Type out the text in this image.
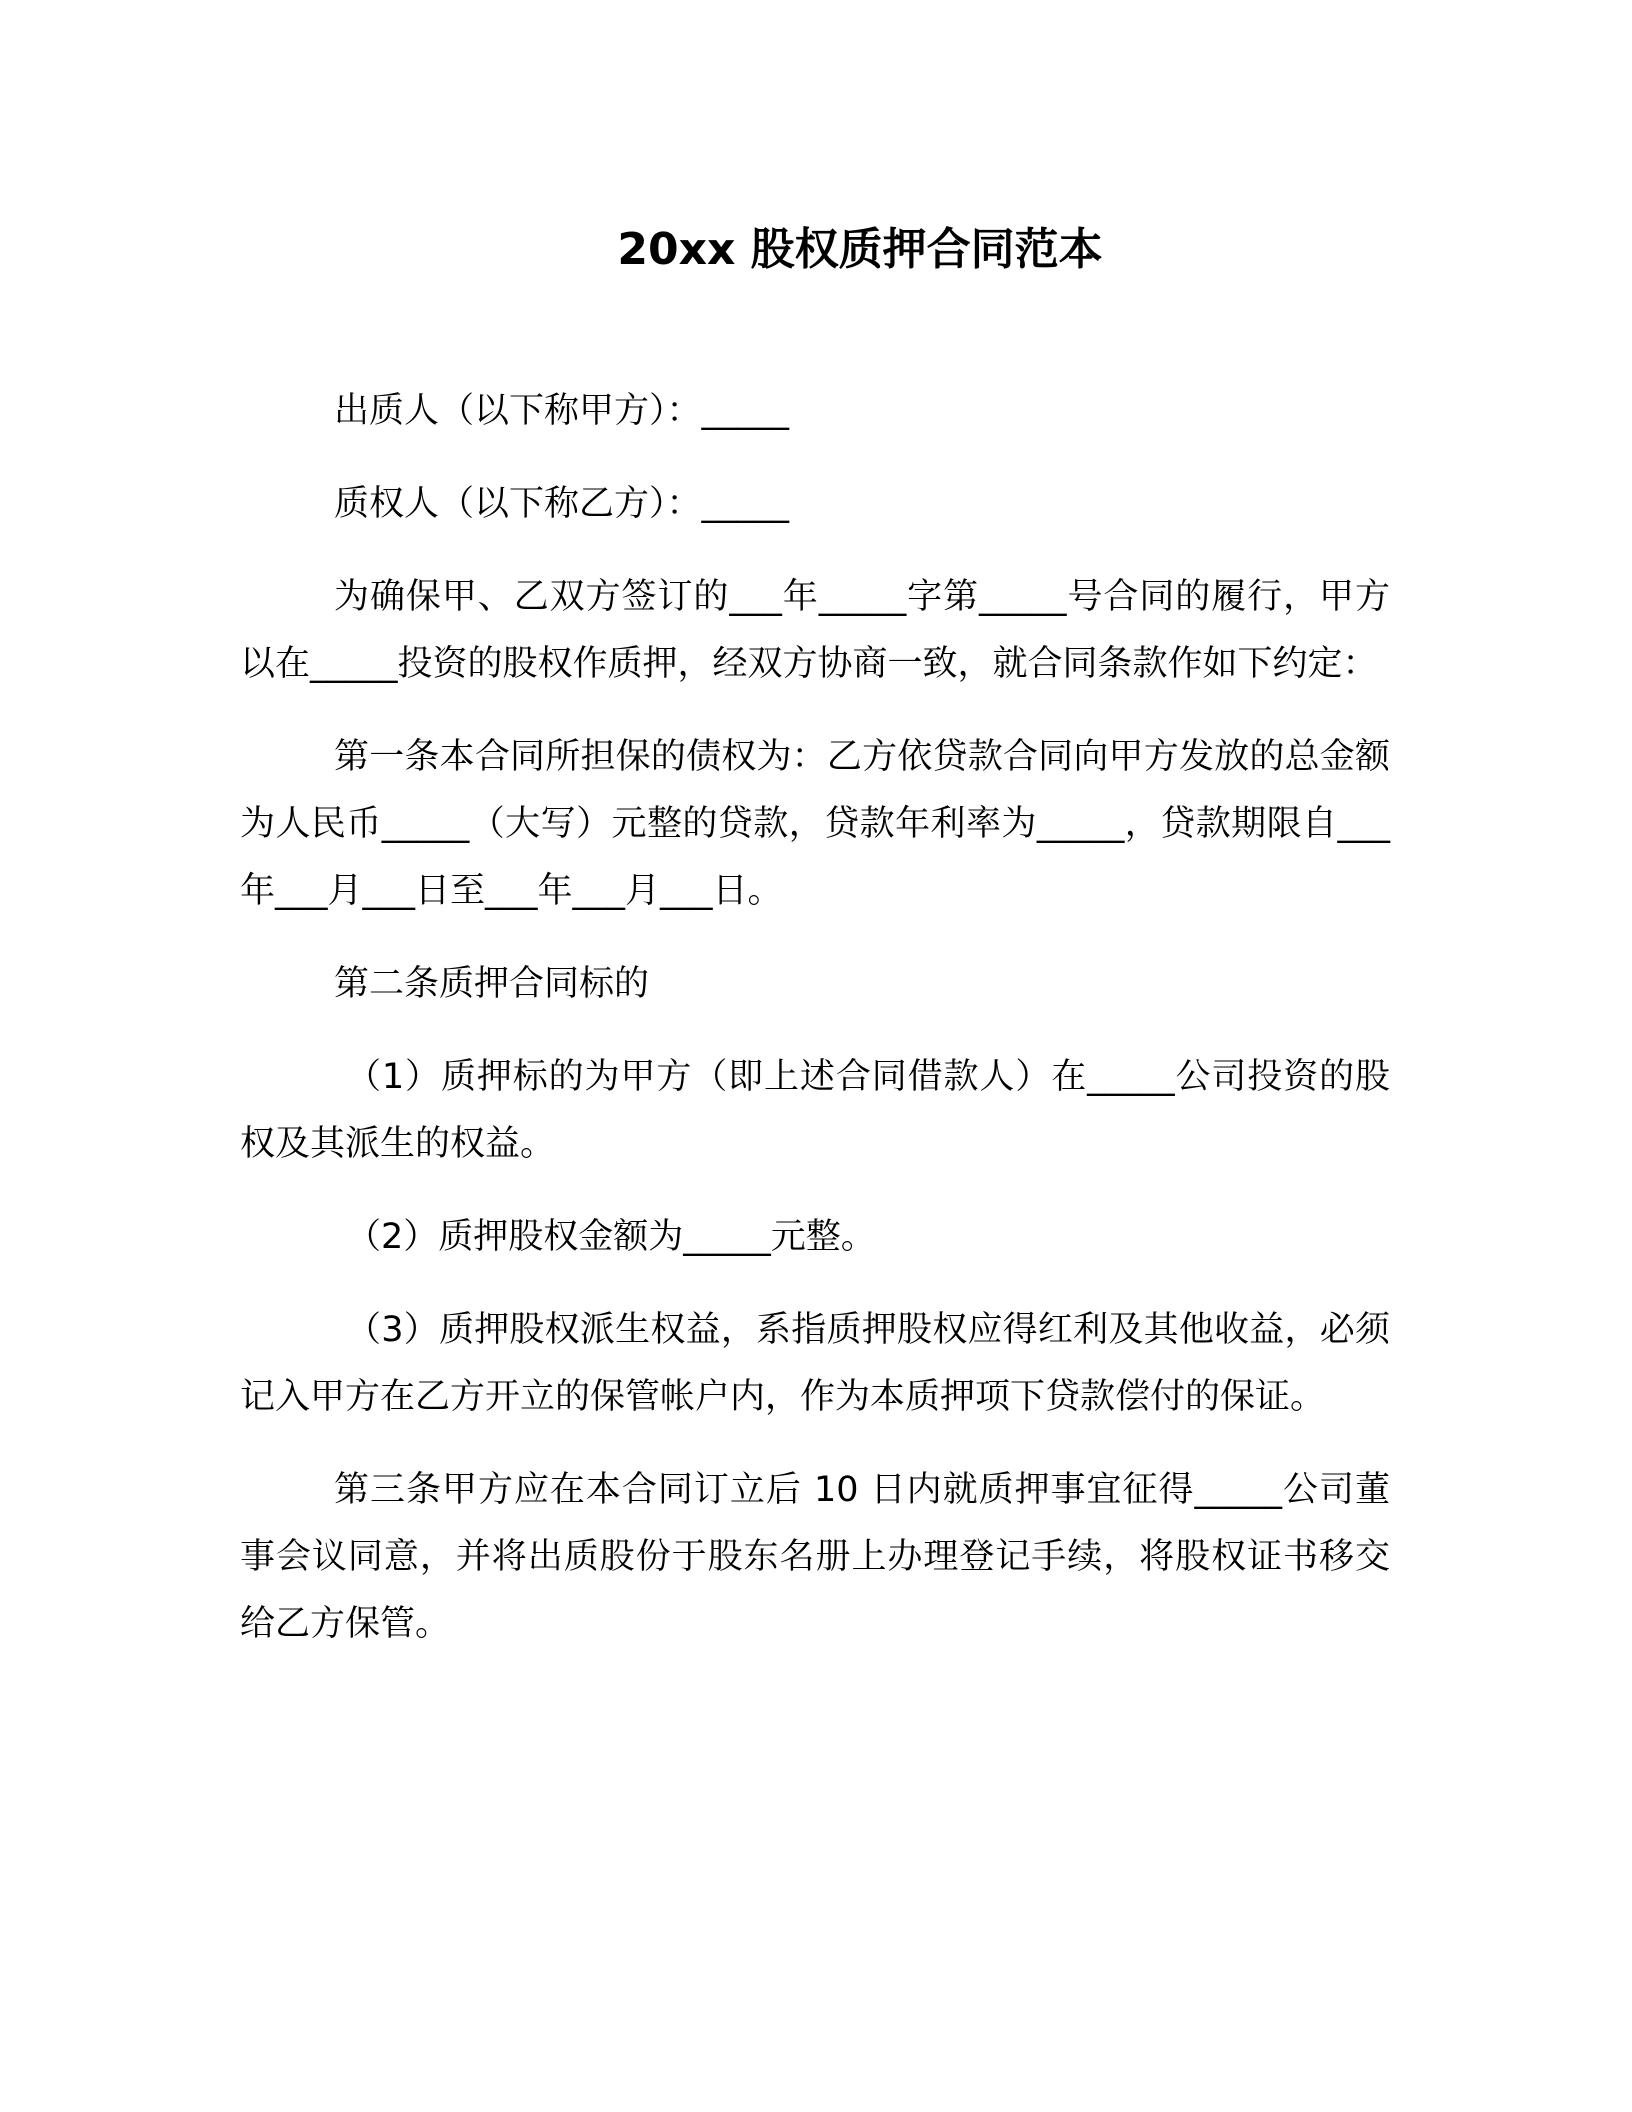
20xx 股权质押合同范本

出质人（以下称甲方）：_____

质权人（以下称乙方）：_____

为确保甲、乙双方签订的___年_____字第_____号合同的履行，甲方以在_____投资的股权作质押，经双方协商一致，就合同条款作如下约定：

第一条本合同所担保的债权为：乙方依贷款合同向甲方发放的总金额为人民币_____（大写）元整的贷款，贷款年利率为_____，贷款期限自___年___月___日至___年___月___日。

第二条质押合同标的

（1）质押标的为甲方（即上述合同借款人）在_____公司投资的股权及其派生的权益。

（2）质押股权金额为_____元整。

（3）质押股权派生权益，系指质押股权应得红利及其他收益，必须记入甲方在乙方开立的保管帐户内，作为本质押项下贷款偿付的保证。

第三条甲方应在本合同订立后 10 日内就质押事宜征得_____公司董事会议同意，并将出质股份于股东名册上办理登记手续，将股权证书移交给乙方保管。
